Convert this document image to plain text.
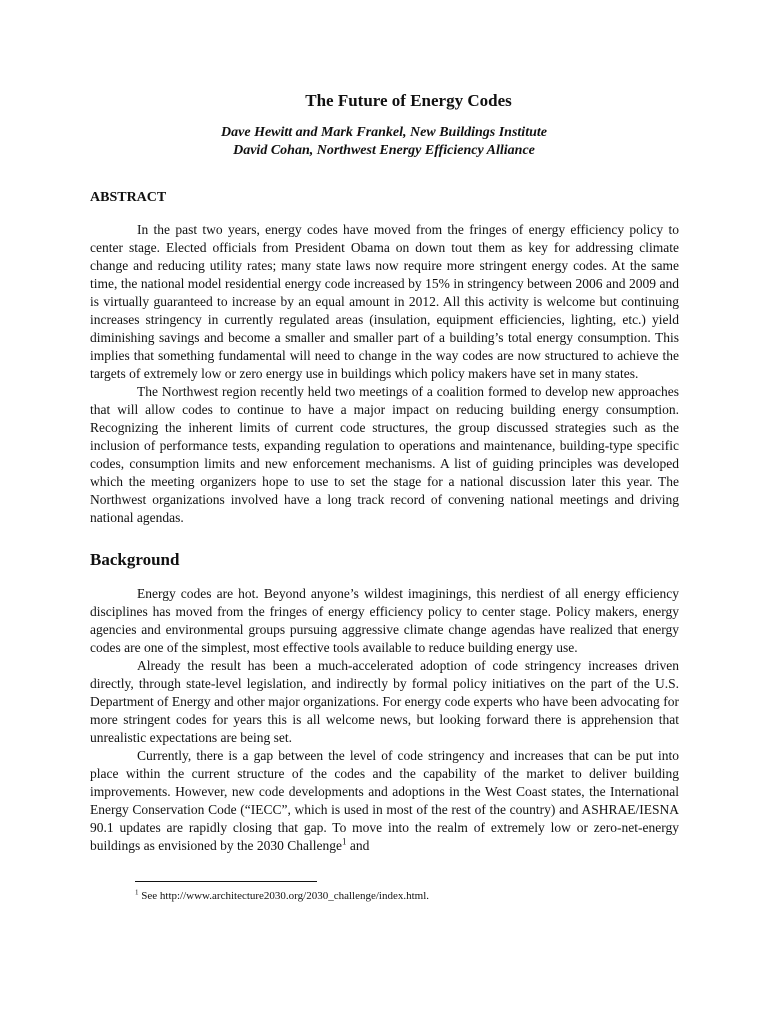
The Future of Energy Codes
Dave Hewitt and Mark Frankel, New Buildings Institute
David Cohan, Northwest Energy Efficiency Alliance
ABSTRACT

In the past two years, energy codes have moved from the fringes of energy efficiency policy to center stage. Elected officials from President Obama on down tout them as key for addressing climate change and reducing utility rates; many state laws now require more stringent energy codes. At the same time, the national model residential energy code increased by 15% in stringency between 2006 and 2009 and is virtually guaranteed to increase by an equal amount in 2012. All this activity is welcome but continuing increases stringency in currently regulated areas (insulation, equipment efficiencies, lighting, etc.) yield diminishing savings and become a smaller and smaller part of a building’s total energy consumption. This implies that something fundamental will need to change in the way codes are now structured to achieve the targets of extremely low or zero energy use in buildings which policy makers have set in many states.

The Northwest region recently held two meetings of a coalition formed to develop new approaches that will allow codes to continue to have a major impact on reducing building energy consumption. Recognizing the inherent limits of current code structures, the group discussed strategies such as the inclusion of performance tests, expanding regulation to operations and maintenance, building-type specific codes, consumption limits and new enforcement mechanisms. A list of guiding principles was developed which the meeting organizers hope to use to set the stage for a national discussion later this year. The Northwest organizations involved have a long track record of convening national meetings and driving national agendas.

Background

Energy codes are hot. Beyond anyone’s wildest imaginings, this nerdiest of all energy efficiency disciplines has moved from the fringes of energy efficiency policy to center stage. Policy makers, energy agencies and environmental groups pursuing aggressive climate change agendas have realized that energy codes are one of the simplest, most effective tools available to reduce building energy use.

Already the result has been a much-accelerated adoption of code stringency increases driven directly, through state-level legislation, and indirectly by formal policy initiatives on the part of the U.S. Department of Energy and other major organizations. For energy code experts who have been advocating for more stringent codes for years this is all welcome news, but looking forward there is apprehension that unrealistic expectations are being set.

Currently, there is a gap between the level of code stringency and increases that can be put into place within the current structure of the codes and the capability of the market to deliver building improvements. However, new code developments and adoptions in the West Coast states, the International Energy Conservation Code (“IECC”, which is used in most of the rest of the country) and ASHRAE/IESNA 90.1 updates are rapidly closing that gap. To move into the realm of extremely low or zero-net-energy buildings as envisioned by the 2030 Challenge$^1$ and

$^1$ See http://www.architecture2030.org/2030_challenge/index.html.
